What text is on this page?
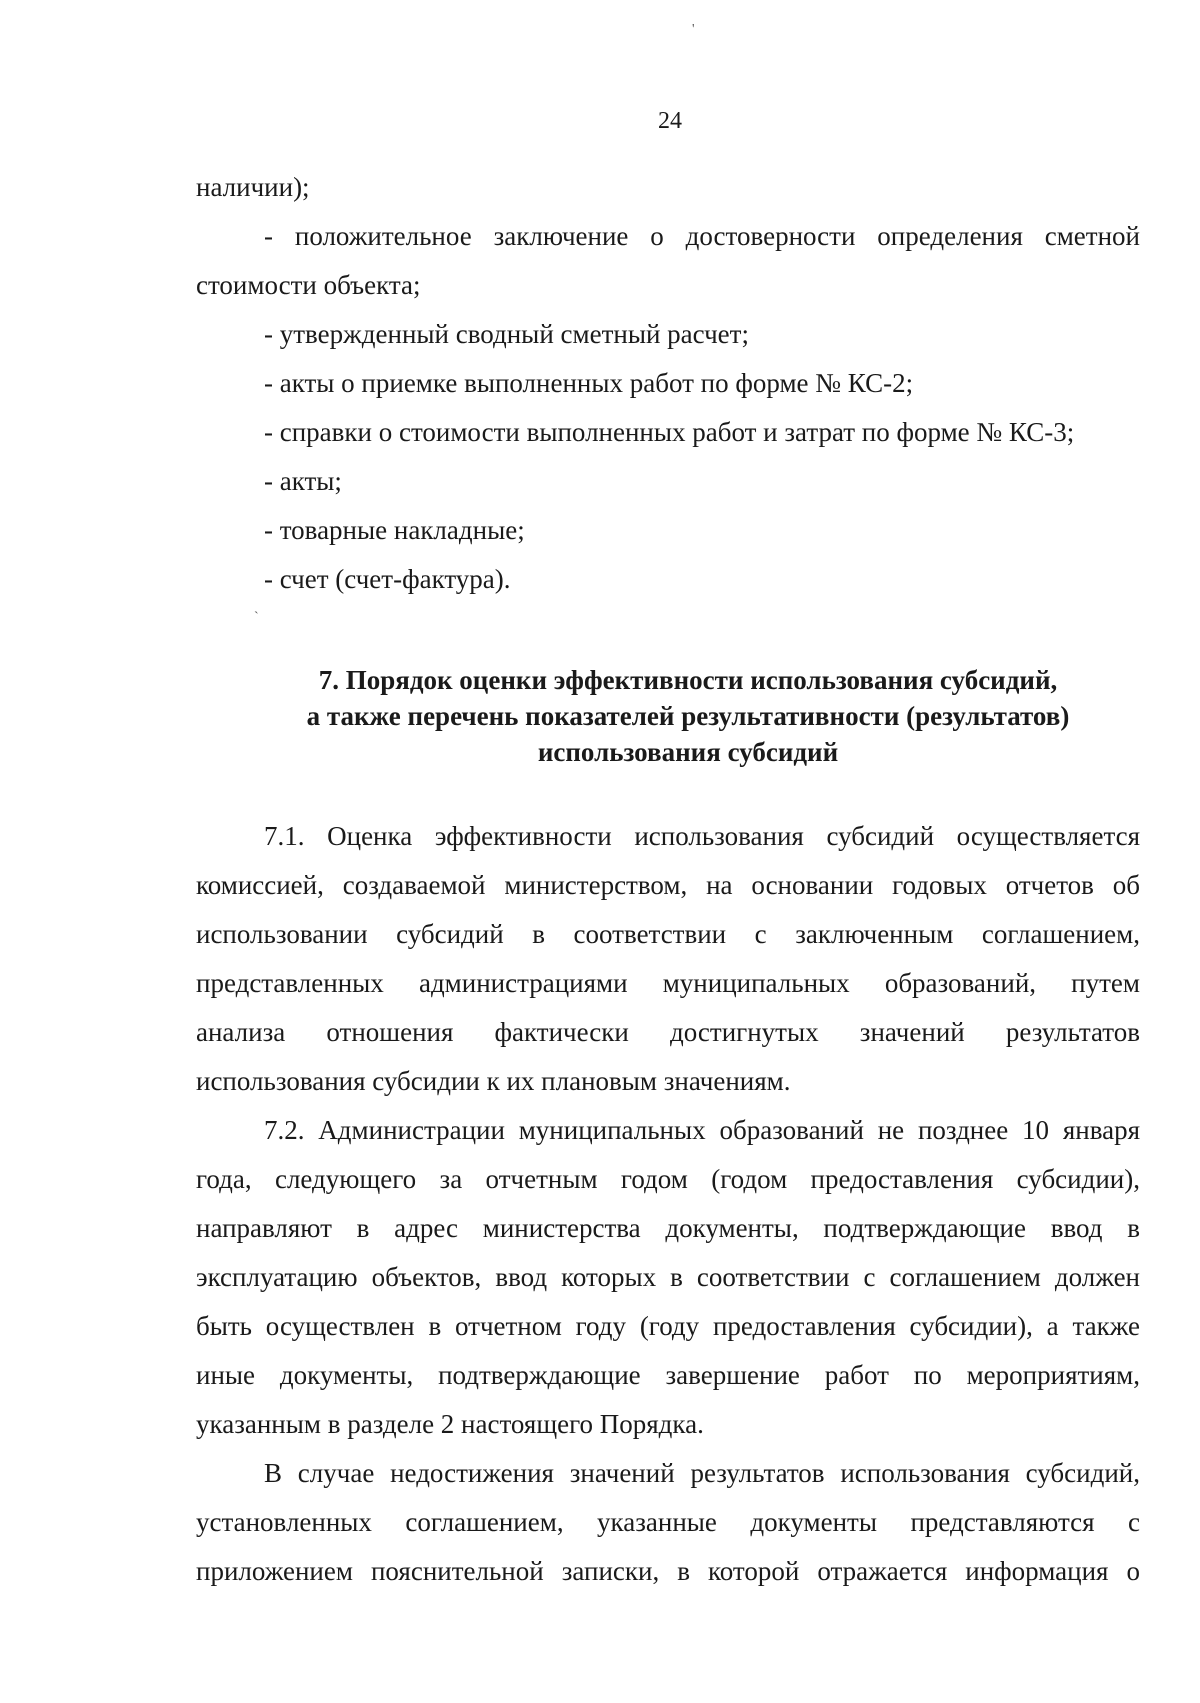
'
`
24
наличии);
- положительное заключение о достоверности определения сметной
стоимости объекта;
- утвержденный сводный сметный расчет;
- акты о приемке выполненных работ по форме № КС-2;
- справки о стоимости выполненных работ и затрат по форме № КС-3;
- акты;
- товарные накладные;
- счет (счет-фактура).
7. Порядок оценки эффективности использования субсидий,
а также перечень показателей результативности (результатов)
использования субсидий
7.1. Оценка эффективности использования субсидий осуществляется
комиссией, создаваемой министерством, на основании годовых отчетов об
использовании субсидий в соответствии с заключенным соглашением,
представленных администрациями муниципальных образований, путем
анализа отношения фактически достигнутых значений результатов
использования субсидии к их плановым значениям.
7.2. Администрации муниципальных образований не позднее 10 января
года, следующего за отчетным годом (годом предоставления субсидии),
направляют в адрес министерства документы, подтверждающие ввод в
эксплуатацию объектов, ввод которых в соответствии с соглашением должен
быть осуществлен в отчетном году (году предоставления субсидии), а также
иные документы, подтверждающие завершение работ по мероприятиям,
указанным в разделе 2 настоящего Порядка.
В случае недостижения значений результатов использования субсидий,
установленных соглашением, указанные документы представляются с
приложением пояснительной записки, в которой отражается информация о
